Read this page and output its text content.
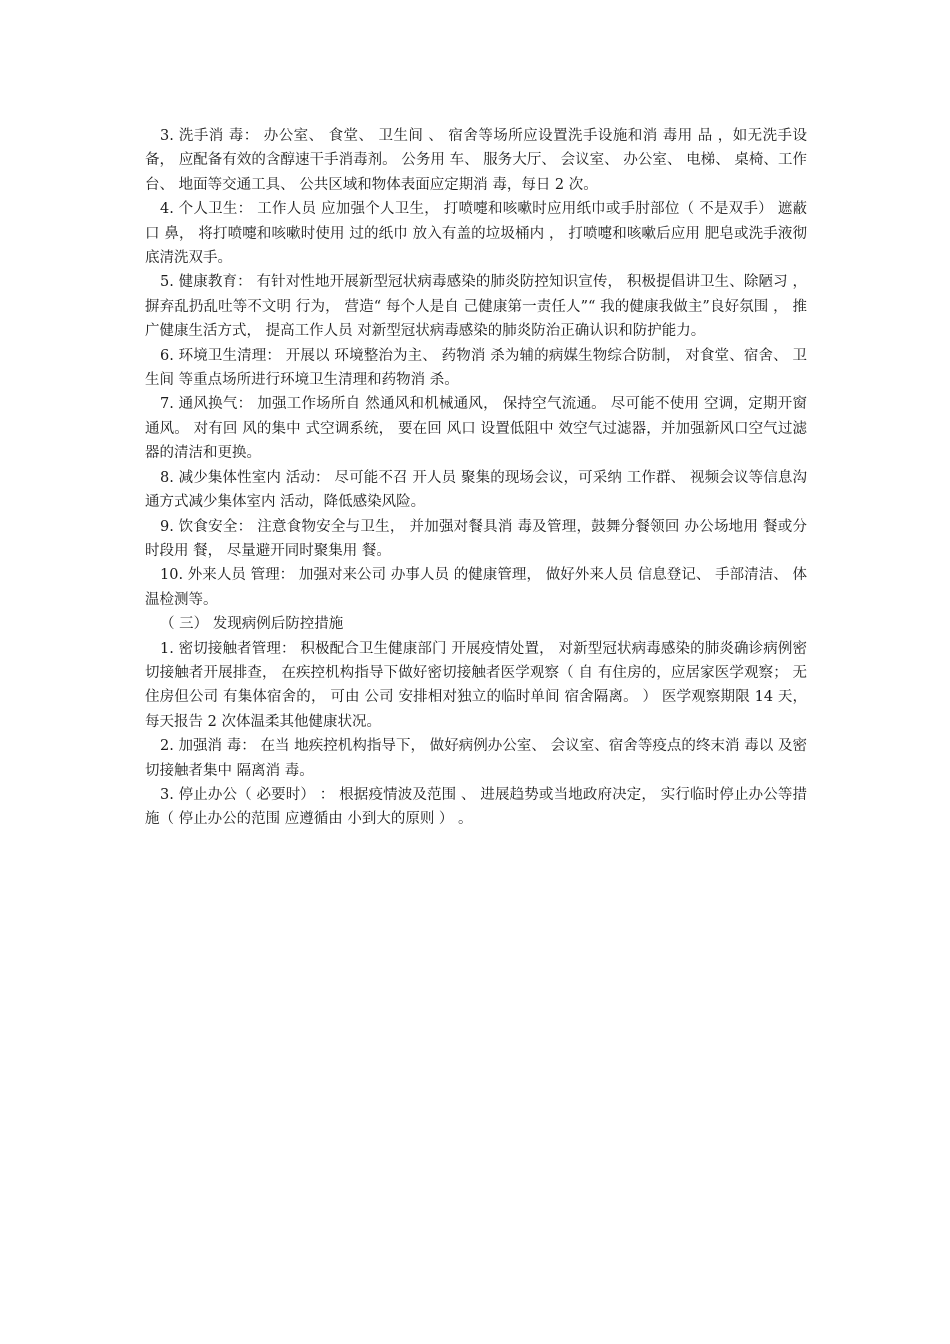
3. 洗手消 毒： 办公室、 食堂、 卫生间 、 宿舍等场所应设置洗手设施和消 毒用 品 ，如无洗手设备， 应配备有效的含醇速干手消毒剂。 公务用 车、 服务大厅、 会议室、 办公室、 电梯、 桌椅、工作台、 地面等交通工具、 公共区域和物体表面应定期消 毒，每日 2 次。

4. 个人卫生： 工作人员 应加强个人卫生， 打喷嚏和咳嗽时应用纸巾或手肘部位（ 不是双手） 遮蔽口 鼻， 将打喷嚏和咳嗽时使用 过的纸巾 放入有盖的垃圾桶内 ， 打喷嚏和咳嗽后应用 肥皂或洗手液彻底清洗双手。

5. 健康教育： 有针对性地开展新型冠状病毒感染的肺炎防控知识宣传， 积极提倡讲卫生、除陋习 ， 摒弃乱扔乱吐等不文明 行为， 营造“ 每个人是自 己健康第一责任人”“ 我的健康我做主”良好氛围 ， 推广健康生活方式， 提高工作人员 对新型冠状病毒感染的肺炎防治正确认识和防护能力。

6. 环境卫生清理： 开展以 环境整治为主、 药物消 杀为辅的病媒生物综合防制， 对食堂、宿舍、 卫生间 等重点场所进行环境卫生清理和药物消 杀。

7. 通风换气： 加强工作场所自 然通风和机械通风， 保持空气流通。 尽可能不使用 空调，定期开窗通风。 对有回 风的集中 式空调系统， 要在回 风口 设置低阻中 效空气过滤器，并加强新风口空气过滤器的清洁和更换。

8. 减少集体性室内 活动： 尽可能不召 开人员 聚集的现场会议，可采纳 工作群、 视频会议等信息沟通方式减少集体室内 活动，降低感染风险。

9. 饮食安全： 注意食物安全与卫生， 并加强对餐具消 毒及管理，鼓舞分餐领回 办公场地用 餐或分时段用 餐， 尽量避开同时聚集用 餐。

10. 外来人员 管理： 加强对来公司 办事人员 的健康管理， 做好外来人员 信息登记、 手部清洁、 体温检测等。

（ 三） 发现病例后防控措施

1. 密切接触者管理： 积极配合卫生健康部门 开展疫情处置， 对新型冠状病毒感染的肺炎确诊病例密切接触者开展排查， 在疾控机构指导下做好密切接触者医学观察（ 自 有住房的，应居家医学观察； 无住房但公司 有集体宿舍的， 可由 公司 安排相对独立的临时单间 宿舍隔离。 ） 医学观察期限 14 天， 每天报告 2 次体温柔其他健康状况。

2. 加强消 毒： 在当 地疾控机构指导下， 做好病例办公室、 会议室、宿舍等疫点的终末消 毒以 及密切接触者集中 隔离消 毒。

3. 停止办公（ 必要时） ： 根据疫情波及范围 、 进展趋势或当地政府决定， 实行临时停止办公等措施（ 停止办公的范围 应遵循由 小到大的原则 ） 。
